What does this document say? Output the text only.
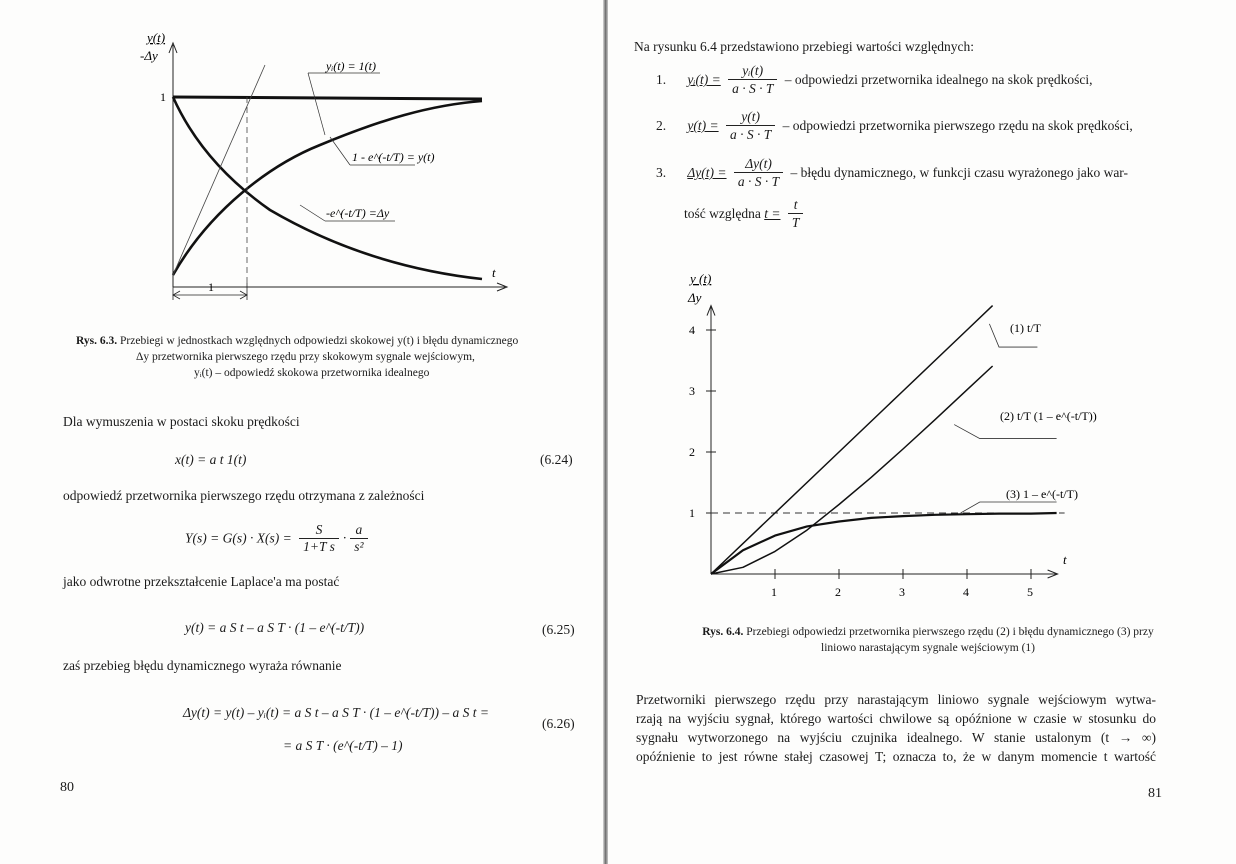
y(t)
-Δy
1
yᵢ(t) = 1(t)
1 - e^(-t/T) = y(t)
-e^(-t/T) =Δy
t
1
Rys. 6.3. Przebiegi w jednostkach względnych odpowiedzi skokowej y(t) i błędu dynamicznego
Δy przetwornika pierwszego rzędu przy skokowym sygnale wejściowym,
yᵢ(t) – odpowiedź skokowa przetwornika idealnego
Dla wymuszenia w postaci skoku prędkości
x(t) = a t 1(t)	(6.24)
odpowiedź przetwornika pierwszego rzędu otrzymana z zależności
$Y(s) = G(s) \cdot X(s) = \frac{S}{\text{1+T s}} \cdot \frac{a}{\text{s²}}$
jako odwrotne przekształcenie Laplace'a ma postać
y(t) = a S t – a S T · (1 – e^(-t/T))	(6.25)
zaś przebieg błędu dynamicznego wyraża równanie
Δy(t) = y(t) – yᵢ(t) = a S t – a S T · (1 – e^(-t/T)) – a S t =
= a S T · (e^(-t/T) – 1)
(6.26)
80
Na rysunku 6.4 przedstawiono przebiegi wartości względnych:
1. yᵢ(t) = $\frac{\text{yᵢ(t)}}{a \cdot S \cdot T}$ – odpowiedzi przetwornika idealnego na skok prędkości,
2. $y(t) = \frac{y(t)}{a \cdot S \cdot T}$ – odpowiedzi przetwornika pierwszego rzędu na skok prędkości,
3. $\Delta y(t) = \frac{\Delta y(t)}{a \cdot S \cdot T}$ – błędu dynamicznego, w funkcji czasu wyrażonego jako war-
tość względna $t = \frac{t}{T}$
y (t)
Δy
t
(1) t/T
(2) t/T (1 – e^(-t/T))
(3) 1 – e^(-t/T)
1	2	3	4	5
1
2
3
4
Rys. 6.4. Przebiegi odpowiedzi przetwornika pierwszego rzędu (2) i błędu dynamicznego (3) przy
liniowo narastającym sygnale wejściowym (1)
Przetworniki pierwszego rzędu przy narastającym liniowo sygnale wejściowym wytwa-
rzają na wyjściu sygnał, którego wartości chwilowe są opóźnione w czasie w stosunku do
sygnału wytworzonego na wyjściu czujnika idealnego. W stanie ustalonym (t → ∞)
opóźnienie to jest równe stałej czasowej T; oznacza to, że w danym momencie t wartość
81
